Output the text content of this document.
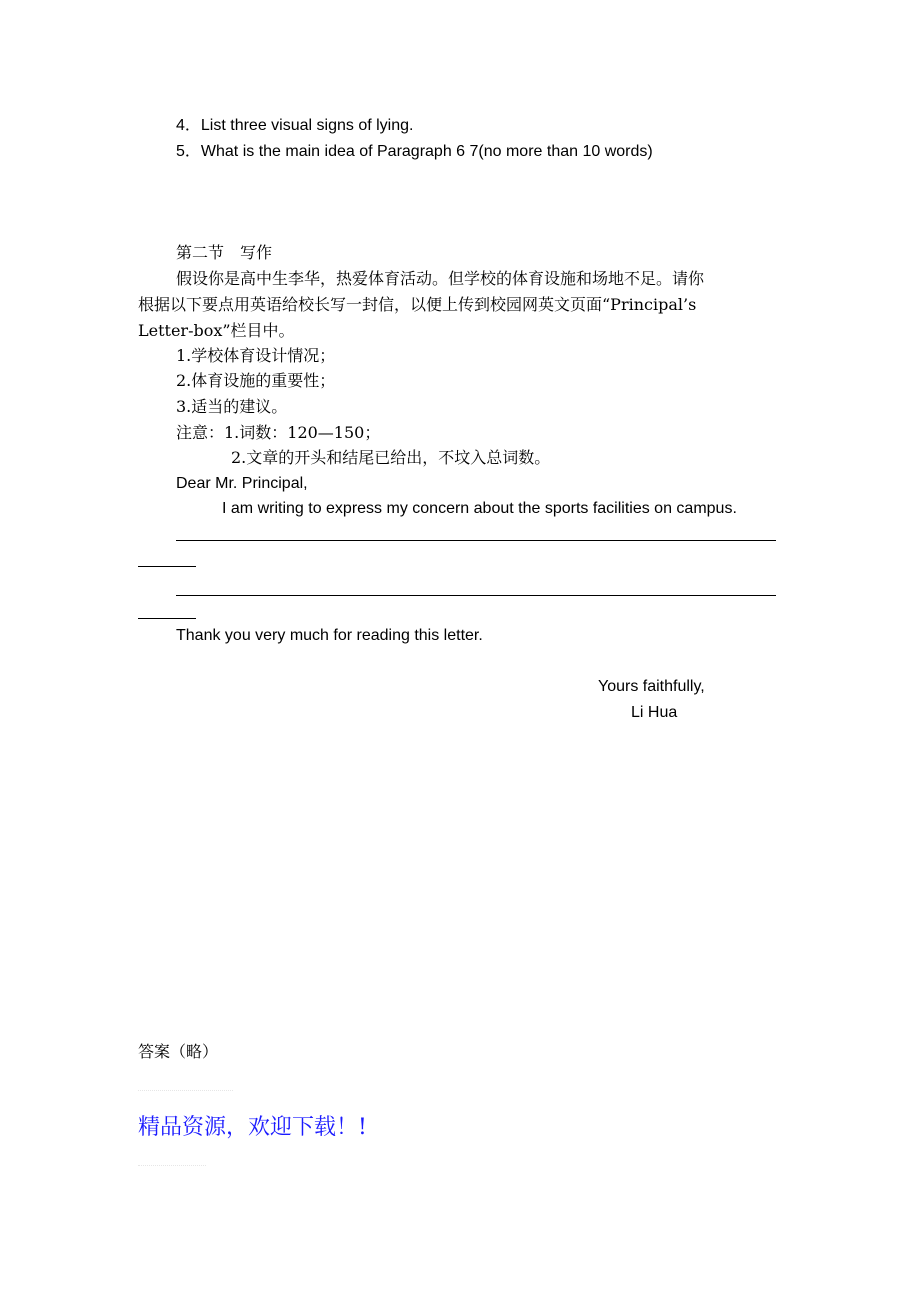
4．List three visual signs of lying.
5．What is the main idea of Paragraph 6 7(no more than 10 words)
第二节　写作
假设你是高中生李华，热爱体育活动。但学校的体育设施和场地不足。请你
根据以下要点用英语给校长写一封信，以便上传到校园网英文页面“Principal’s
Letter-box”栏目中。
1.学校体育设计情况；
2.体育设施的重要性；
3.适当的建议。
注意：1.词数：120—150；
2.文章的开头和结尾已给出，不坟入总词数。
Dear Mr. Principal,
I am writing to express my concern about the sports facilities on campus.
Thank you very much for reading this letter.
Yours faithfully,
Li Hua
答案（略）
精品资源，欢迎下载！!
